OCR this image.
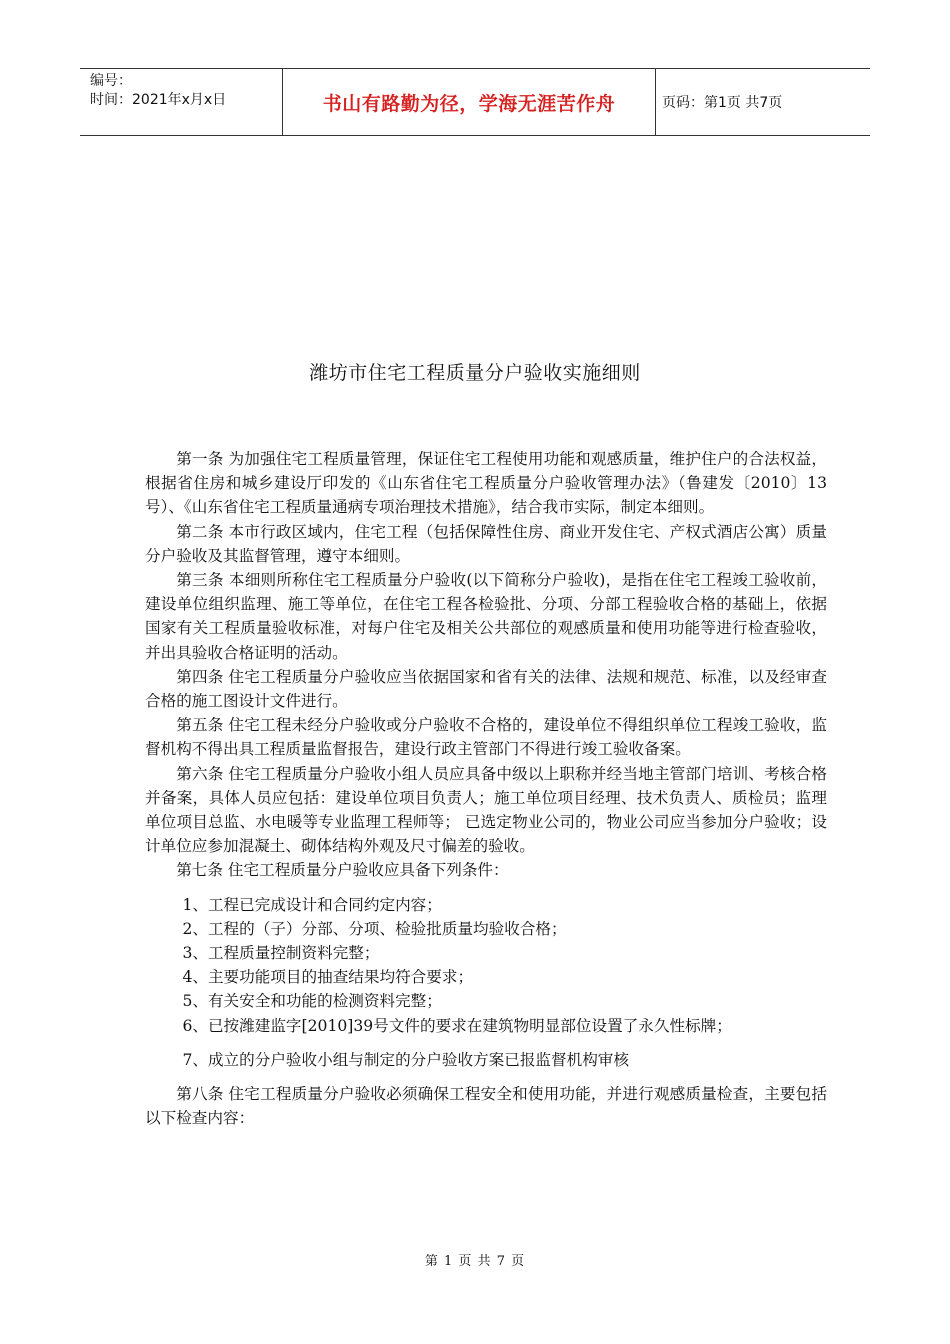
编号：
时间：2021年x月x日	书山有路勤为径，学海无涯苦作舟	页码：第1页 共7页
潍坊市住宅工程质量分户验收实施细则

第一条 为加强住宅工程质量管理，保证住宅工程使用功能和观感质量，维护住户的合法权益，根据省住房和城乡建设厅印发的《山东省住宅工程质量分户验收管理办法》（鲁建发〔2010〕13号）、《山东省住宅工程质量通病专项治理技术措施》，结合我市实际，制定本细则。

第二条 本市行政区域内，住宅工程（包括保障性住房、商业开发住宅、产权式酒店公寓）质量分户验收及其监督管理，遵守本细则。

第三条 本细则所称住宅工程质量分户验收(以下简称分户验收)，是指在住宅工程竣工验收前，建设单位组织监理、施工等单位，在住宅工程各检验批、分项、分部工程验收合格的基础上，依据国家有关工程质量验收标准，对每户住宅及相关公共部位的观感质量和使用功能等进行检查验收，并出具验收合格证明的活动。

第四条 住宅工程质量分户验收应当依据国家和省有关的法律、法规和规范、标准，以及经审查合格的施工图设计文件进行。

第五条 住宅工程未经分户验收或分户验收不合格的，建设单位不得组织单位工程竣工验收，监督机构不得出具工程质量监督报告，建设行政主管部门不得进行竣工验收备案。

第六条 住宅工程质量分户验收小组人员应具备中级以上职称并经当地主管部门培训、考核合格并备案，具体人员应包括：建设单位项目负责人；施工单位项目经理、技术负责人、质检员；监理单位项目总监、水电暖等专业监理工程师等； 已选定物业公司的，物业公司应当参加分户验收；设计单位应参加混凝土、砌体结构外观及尺寸偏差的验收。

第七条 住宅工程质量分户验收应具备下列条件：

1、工程已完成设计和合同约定内容；

2、工程的（子）分部、分项、检验批质量均验收合格；

3、工程质量控制资料完整；

4、主要功能项目的抽查结果均符合要求；

5、有关安全和功能的检测资料完整；

6、已按潍建监字[2010]39号文件的要求在建筑物明显部位设置了永久性标牌；

7、成立的分户验收小组与制定的分户验收方案已报监督机构审核

第八条 住宅工程质量分户验收必须确保工程安全和使用功能，并进行观感质量检查，主要包括以下检查内容：

第 1 页 共 7 页
